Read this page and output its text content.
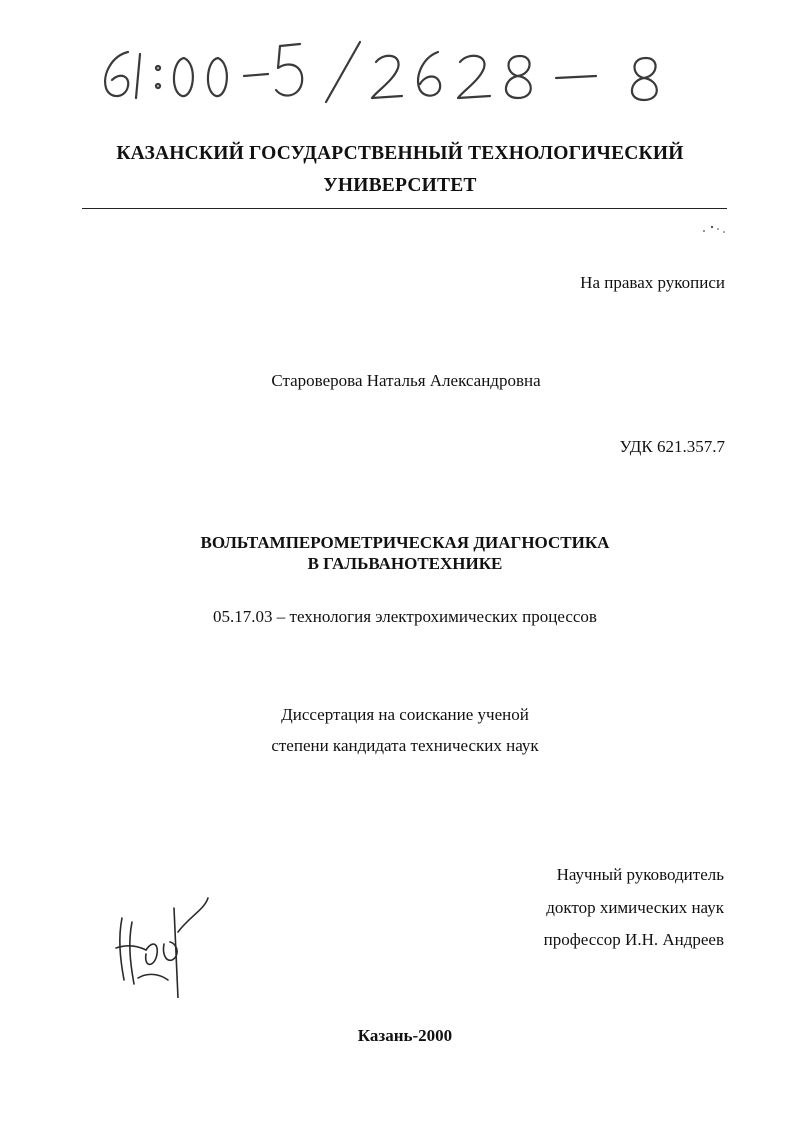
КАЗАНСКИЙ ГОСУДАРСТВЕННЫЙ ТЕХНОЛОГИЧЕСКИЙ
УНИВЕРСИТЕТ
На правах рукописи
Староверова Наталья Александровна
УДК 621.357.7
ВОЛЬТАМПЕРОМЕТРИЧЕСКАЯ ДИАГНОСТИКА
В ГАЛЬВАНОТЕХНИКЕ
05.17.03 – технология электрохимических процессов
Диссертация на соискание ученой
степени кандидата технических наук
Научный руководитель
доктор химических наук
профессор И.Н. Андреев
Казань-2000
